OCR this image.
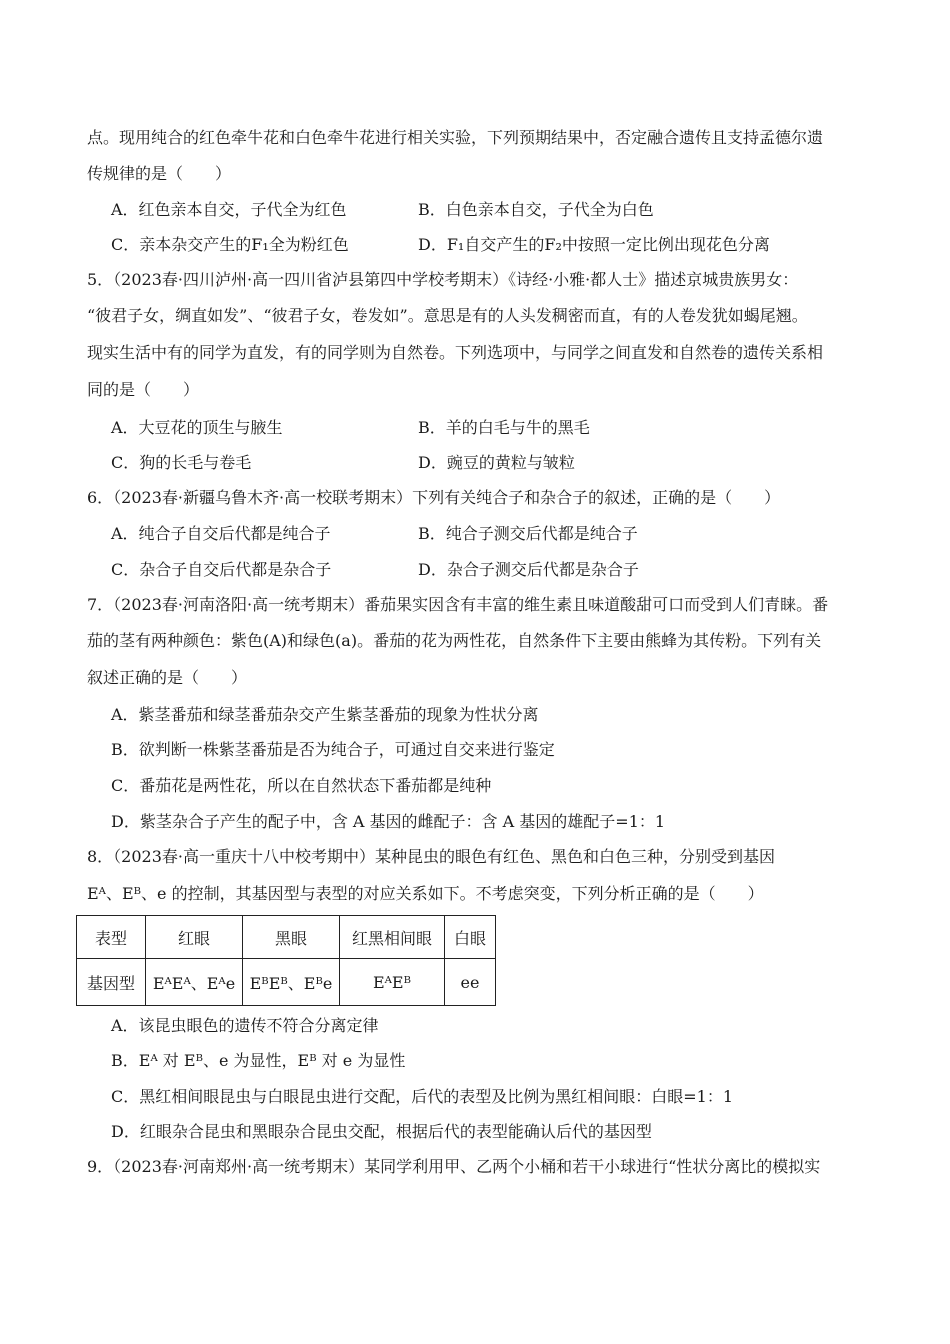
点。现用纯合的红色牵牛花和白色牵牛花进行相关实验，下列预期结果中，否定融合遗传且支持孟德尔遗
传规律的是（　　）
A．红色亲本自交，子代全为红色	B．白色亲本自交，子代全为白色
C．亲本杂交产生的F₁全为粉红色	D．F₁自交产生的F₂中按照一定比例出现花色分离
5．（2023春·四川泸州·高一四川省泸县第四中学校考期末）《诗经·小雅·都人士》描述京城贵族男女：
“彼君子女，绸直如发”、“彼君子女，卷发如”。意思是有的人头发稠密而直，有的人卷发犹如蝎尾翘。
现实生活中有的同学为直发，有的同学则为自然卷。下列选项中，与同学之间直发和自然卷的遗传关系相
同的是（　　）
A．大豆花的顶生与腋生	B．羊的白毛与牛的黑毛
C．狗的长毛与卷毛	D．豌豆的黄粒与皱粒
6．（2023春·新疆乌鲁木齐·高一校联考期末）下列有关纯合子和杂合子的叙述，正确的是（　　）
A．纯合子自交后代都是纯合子	B．纯合子测交后代都是纯合子
C．杂合子自交后代都是杂合子	D．杂合子测交后代都是杂合子
7．（2023春·河南洛阳·高一统考期末）番茄果实因含有丰富的维生素且味道酸甜可口而受到人们青睐。番
茄的茎有两种颜色：紫色(A)和绿色(a)。番茄的花为两性花，自然条件下主要由熊蜂为其传粉。下列有关
叙述正确的是（　　）
A．紫茎番茄和绿茎番茄杂交产生紫茎番茄的现象为性状分离
B．欲判断一株紫茎番茄是否为纯合子，可通过自交来进行鉴定
C．番茄花是两性花，所以在自然状态下番茄都是纯种
D．紫茎杂合子产生的配子中，含 A 基因的雌配子：含 A 基因的雄配子=1：1
8．（2023春·高一重庆十八中校考期中）某种昆虫的眼色有红色、黑色和白色三种，分别受到基因
Eᴬ、Eᴮ、e 的控制，其基因型与表型的对应关系如下。不考虑突变，下列分析正确的是（　　）
表型	红眼	黑眼	红黑相间眼	白眼
基因型	EᴬEᴬ、Eᴬe	EᴮEᴮ、Eᴮe	EᴬEᴮ	ee
A．该昆虫眼色的遗传不符合分离定律
B．Eᴬ 对 Eᴮ、e 为显性，Eᴮ 对 e 为显性
C．黑红相间眼昆虫与白眼昆虫进行交配，后代的表型及比例为黑红相间眼：白眼=1：1
D．红眼杂合昆虫和黑眼杂合昆虫交配，根据后代的表型能确认后代的基因型
9．（2023春·河南郑州·高一统考期末）某同学利用甲、乙两个小桶和若干小球进行“性状分离比的模拟实
